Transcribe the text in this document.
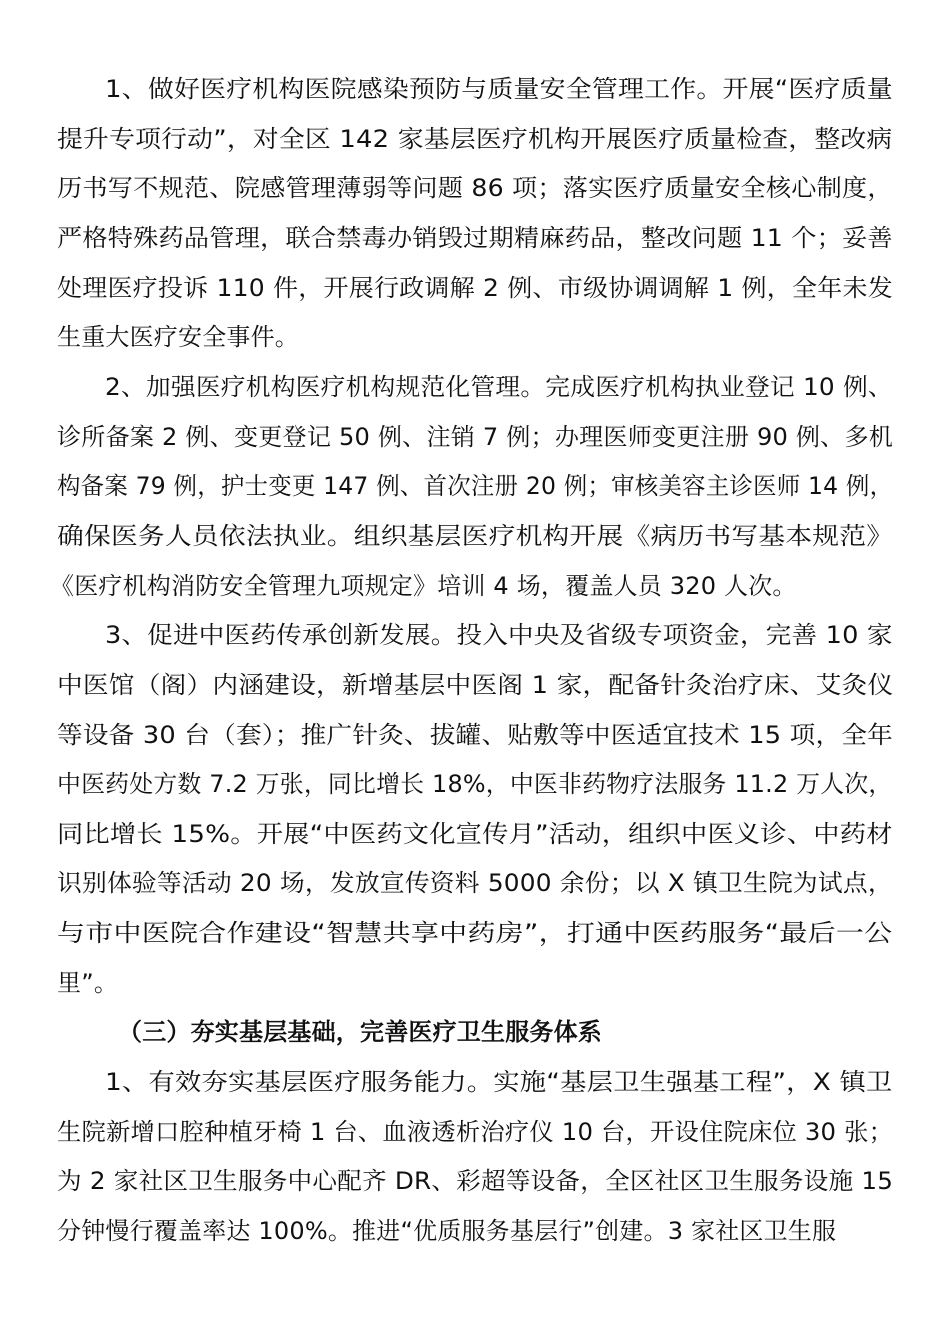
1、做好医疗机构医院感染预防与质量安全管理工作。开展“医疗质量
提升专项行动”，对全区 142 家基层医疗机构开展医疗质量检查，整改病
历书写不规范、院感管理薄弱等问题 86 项；落实医疗质量安全核心制度，
严格特殊药品管理，联合禁毒办销毁过期精麻药品，整改问题 11 个；妥善
处理医疗投诉 110 件，开展行政调解 2 例、市级协调调解 1 例，全年未发
生重大医疗安全事件。
2、加强医疗机构医疗机构规范化管理。完成医疗机构执业登记 10 例、
诊所备案 2 例、变更登记 50 例、注销 7 例；办理医师变更注册 90 例、多机
构备案 79 例，护士变更 147 例、首次注册 20 例；审核美容主诊医师 14 例，
确保医务人员依法执业。组织基层医疗机构开展《病历书写基本规范》
《医疗机构消防安全管理九项规定》培训 4 场，覆盖人员 320 人次。
3、促进中医药传承创新发展。投入中央及省级专项资金，完善 10 家
中医馆（阁）内涵建设，新增基层中医阁 1 家，配备针灸治疗床、艾灸仪
等设备 30 台（套）；推广针灸、拔罐、贴敷等中医适宜技术 15 项，全年
中医药处方数 7.2 万张，同比增长 18%，中医非药物疗法服务 11.2 万人次，
同比增长 15%。开展“中医药文化宣传月”活动，组织中医义诊、中药材
识别体验等活动 20 场，发放宣传资料 5000 余份；以 X 镇卫生院为试点，
与市中医院合作建设“智慧共享中药房”，打通中医药服务“最后一公
里”。
（三）夯实基层基础，完善医疗卫生服务体系
1、有效夯实基层医疗服务能力。实施“基层卫生强基工程”，X 镇卫
生院新增口腔种植牙椅 1 台、血液透析治疗仪 10 台，开设住院床位 30 张；
为 2 家社区卫生服务中心配齐 DR、彩超等设备，全区社区卫生服务设施 15
分钟慢行覆盖率达 100%。推进“优质服务基层行”创建。3 家社区卫生服
